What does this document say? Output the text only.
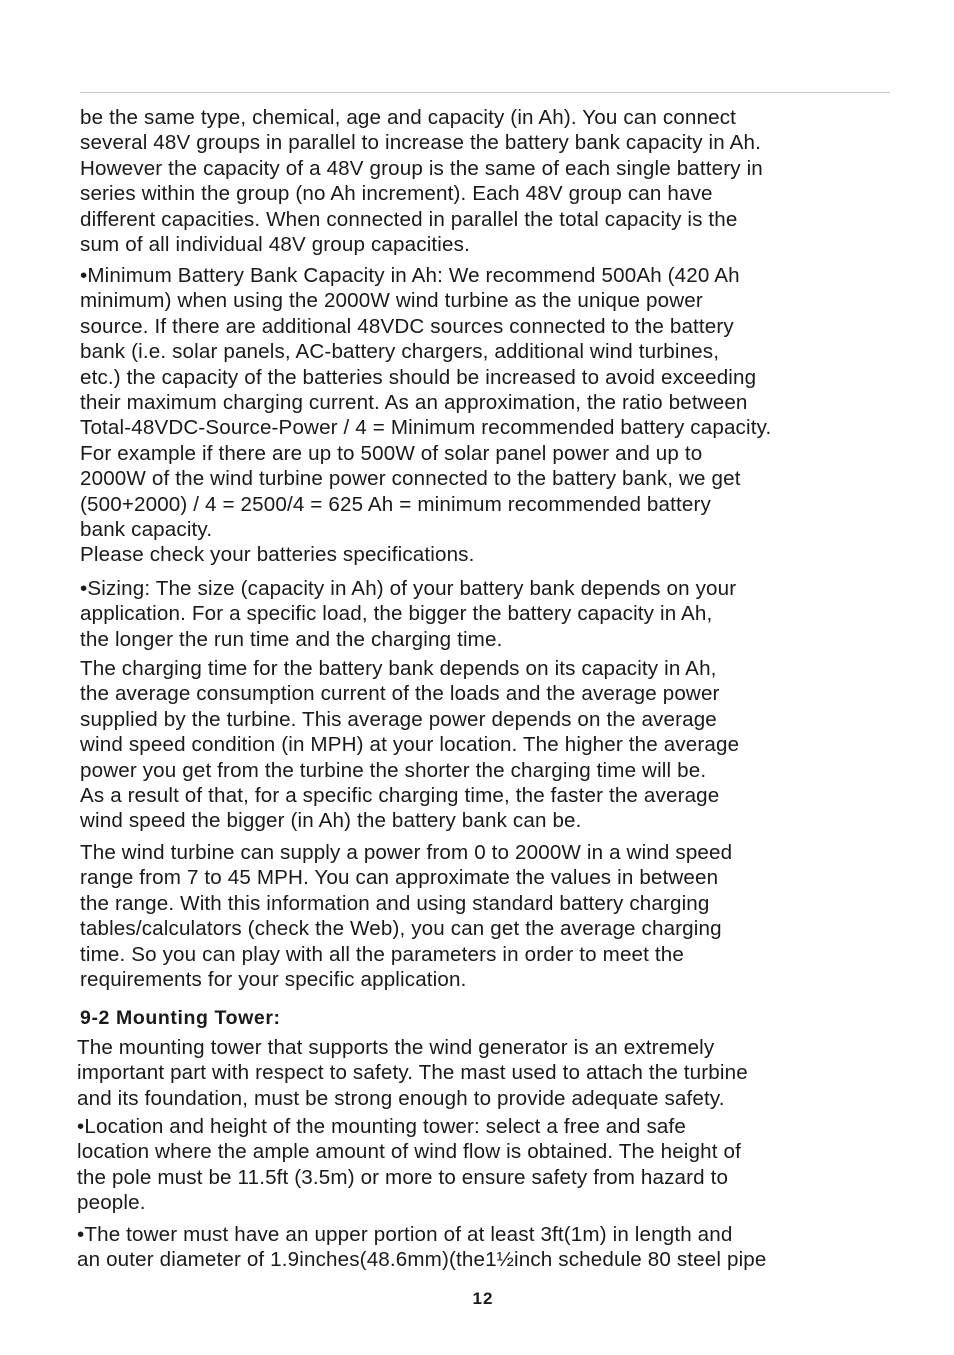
be the same type, chemical, age and capacity (in Ah). You can connect
several 48V groups in parallel to increase the battery bank capacity in Ah.
However the capacity of a 48V group is the same of each single battery in
series within the group (no Ah increment). Each 48V group can have
different capacities. When connected in parallel the total capacity is the
sum of all individual 48V group capacities.

•Minimum Battery Bank Capacity in Ah: We recommend 500Ah (420 Ah
minimum) when using the 2000W wind turbine as the unique power
source. If there are additional 48VDC sources connected to the battery
bank (i.e. solar panels, AC-battery chargers, additional wind turbines,
etc.) the capacity of the batteries should be increased to avoid exceeding
their maximum charging current. As an approximation, the ratio between
Total-48VDC-Source-Power / 4 = Minimum recommended battery capacity.
For example if there are up to 500W of solar panel power and up to
2000W of the wind turbine power connected to the battery bank, we get
(500+2000) / 4 = 2500/4 = 625 Ah = minimum recommended battery
bank capacity.
Please check your batteries specifications.

•Sizing: The size (capacity in Ah) of your battery bank depends on your
application. For a specific load, the bigger the battery capacity in Ah,
the longer the run time and the charging time.

The charging time for the battery bank depends on its capacity in Ah,
the average consumption current of the loads and the average power
supplied by the turbine. This average power depends on the average
wind speed condition (in MPH) at your location. The higher the average
power you get from the turbine the shorter the charging time will be.
As a result of that, for a specific charging time, the faster the average
wind speed the bigger (in Ah) the battery bank can be.

The wind turbine can supply a power from 0 to 2000W in a wind speed
range from 7 to 45 MPH. You can approximate the values in between
the range. With this information and using standard battery charging
tables/calculators (check the Web), you can get the average charging
time. So you can play with all the parameters in order to meet the
requirements for your specific application.

9-2 Mounting Tower:

The mounting tower that supports the wind generator is an extremely
important part with respect to safety. The mast used to attach the turbine
and its foundation, must be strong enough to provide adequate safety.

•Location and height of the mounting tower: select a free and safe
location where the ample amount of wind flow is obtained. The height of
the pole must be 11.5ft (3.5m) or more to ensure safety from hazard to
people.

•The tower must have an upper portion of at least 3ft(1m) in length and
an outer diameter of 1.9inches(48.6mm)(the1½inch schedule 80 steel pipe

12
